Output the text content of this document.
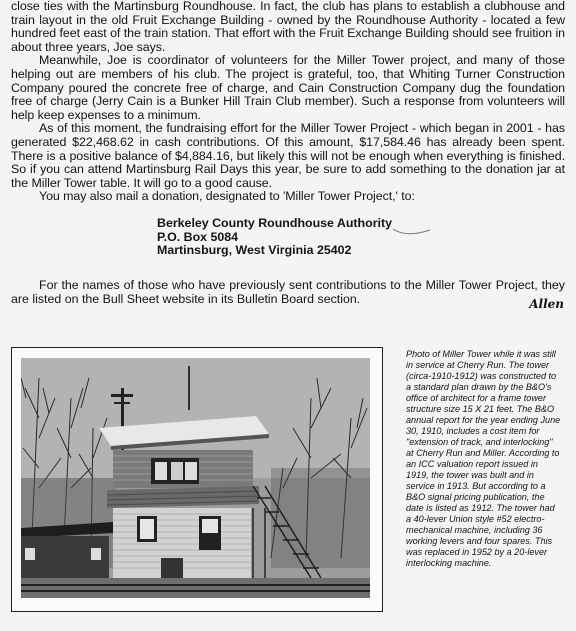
close ties with the Martinsburg Roundhouse. In fact, the club has plans to establish a clubhouse and train layout in the old Fruit Exchange Building - owned by the Roundhouse Authority - located a few hundred feet east of the train station. That effort with the Fruit Exchange Building should see fruition in about three years, Joe says.

Meanwhile, Joe is coordinator of volunteers for the Miller Tower project, and many of those helping out are members of his club. The project is grateful, too, that Whiting Turner Construction Company poured the concrete free of charge, and Cain Construction Company dug the foundation free of charge (Jerry Cain is a Bunker Hill Train Club member). Such a response from volunteers will help keep expenses to a minimum.

As of this moment, the fundraising effort for the Miller Tower Project - which began in 2001 - has generated $22,468.62 in cash contributions. Of this amount, $17,584.46 has already been spent. There is a positive balance of $4,884.16, but likely this will not be enough when everything is finished. So if you can attend Martinsburg Rail Days this year, be sure to add something to the donation jar at the Miller Tower table. It will go to a good cause.

You may also mail a donation, designated to 'Miller Tower Project,' to:

Berkeley County Roundhouse Authority
P.O. Box 5084
Martinsburg, West Virginia 25402

For the names of those who have previously sent contributions to the Miller Tower Project, they are listed on the Bull Sheet website in its Bulletin Board section.	Allen
Photo of Miller Tower while it was still in service at Cherry Run. The tower (circa-1910-1912) was constructed to a standard plan drawn by the B&O's office of architect for a frame tower structure size 15 X 21 feet. The B&O annual report for the year ending June 30, 1910, includes a cost item for "extension of track, and interlocking" at Cherry Run and Miller. According to an ICC valuation report issued in 1919, the tower was built and in service in 1913. But according to a B&O signal pricing publication, the date is listed as 1912. The tower had a 40-lever Union style #52 electro-mechanical machine, including 36 working levers and four spares. This was replaced in 1952 by a 20-lever interlocking machine.
